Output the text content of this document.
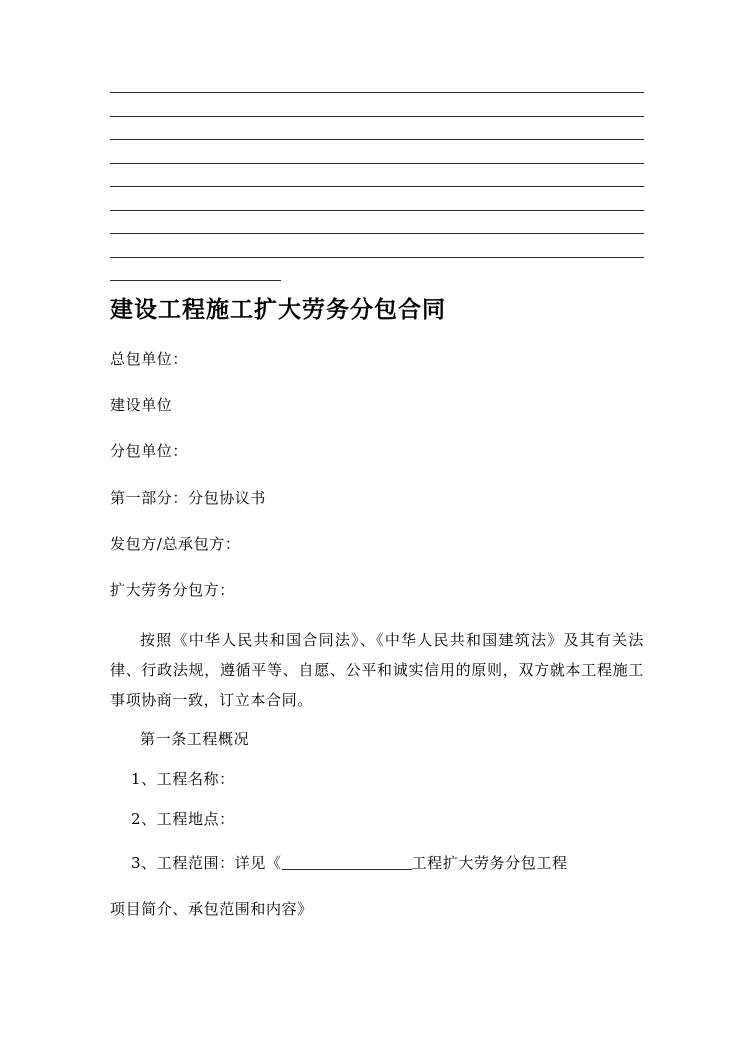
建设工程施工扩大劳务分包合同

总包单位：

建设单位

分包单位：

第一部分：分包协议书

发包方/总承包方：

扩大劳务分包方：

按照《中华人民共和国合同法》、《中华人民共和国建筑法》及其有关法律、行政法规，遵循平等、自愿、公平和诚实信用的原则，双方就本工程施工事项协商一致，订立本合同。

第一条工程概况

1、工程名称：

2、工程地点：

3、工程范围：详见《	工程扩大劳务分包工程

项目简介、承包范围和内容》
